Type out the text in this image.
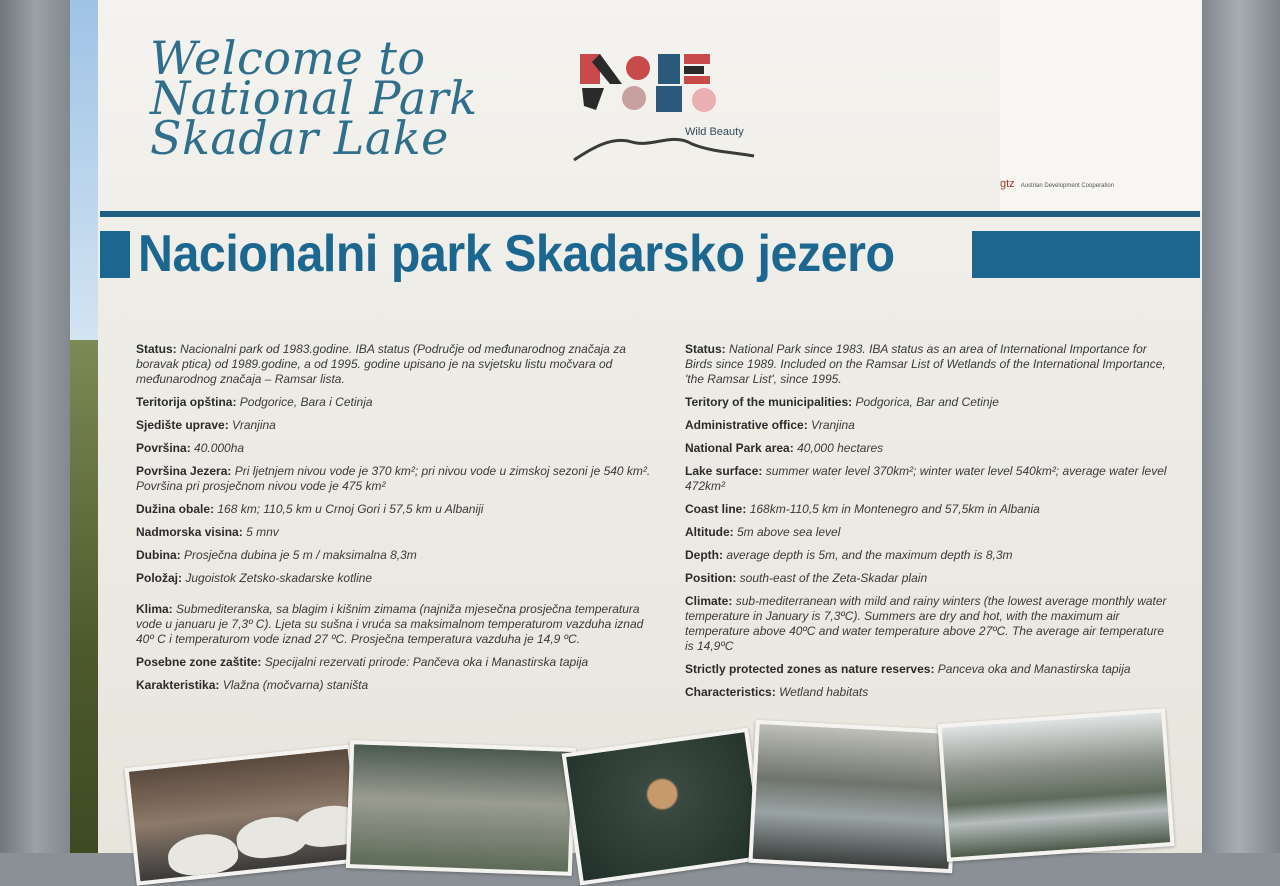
Welcome to
National Park
Skadar Lake	Wild Beauty
gtz Austrian Development Cooperation
Nacionalni park Skadarsko jezero
Status: Nacionalni park od 1983.godine. IBA status (Područje od međunarodnog značaja za boravak ptica) od 1989.godine, a od 1995. godine upisano je na svjetsku listu močvara od međunarodnog značaja – Ramsar lista.
Teritorija opština: Podgorice, Bara i Cetinja
Sjedište uprave: Vranjina
Površina: 40.000ha
Površina Jezera: Pri ljetnjem nivou vode je 370 km²; pri nivou vode u zimskoj sezoni je 540 km². Površina pri prosječnom nivou vode je 475 km²
Dužina obale: 168 km; 110,5 km u Crnoj Gori i 57,5 km u Albaniji
Nadmorska visina: 5 mnv
Dubina: Prosječna dubina je 5 m / maksimalna 8,3m
Položaj: Jugoistok Zetsko-skadarske kotline
Klima: Submediteranska, sa blagim i kišnim zimama (najniža mjesečna prosječna temperatura vode u januaru je 7,3º C). Ljeta su sušna i vruća sa maksimalnom temperaturom vazduha iznad 40º C i temperaturom vode iznad 27 ºC. Prosječna temperatura vazduha je 14,9 ºC.
Posebne zone zaštite: Specijalni rezervati prirode: Pančeva oka i Manastirska tapija
Karakteristika: Vlažna (močvarna) staništa
Status: National Park since 1983. IBA status as an area of International Importance for Birds since 1989. Included on the Ramsar List of Wetlands of the International Importance, 'the Ramsar List', since 1995.
Teritory of the municipalities: Podgorica, Bar and Cetinje
Administrative office: Vranjina
National Park area: 40,000 hectares
Lake surface: summer water level 370km²; winter water level 540km²; average water level 472km²
Coast line: 168km-110,5 km in Montenegro and 57,5km in Albania
Altitude: 5m above sea level
Depth: average depth is 5m, and the maximum depth is 8,3m
Position: south-east of the Zeta-Skadar plain
Climate: sub-mediterranean with mild and rainy winters (the lowest average monthly water temperature in January is 7,3ºC). Summers are dry and hot, with the maximum air temperature above 40ºC and water temperature above 27ºC. The average air temperature is 14,9ºC
Strictly protected zones as nature reserves: Panceva oka and Manastirska tapija
Characteristics: Wetland habitats
